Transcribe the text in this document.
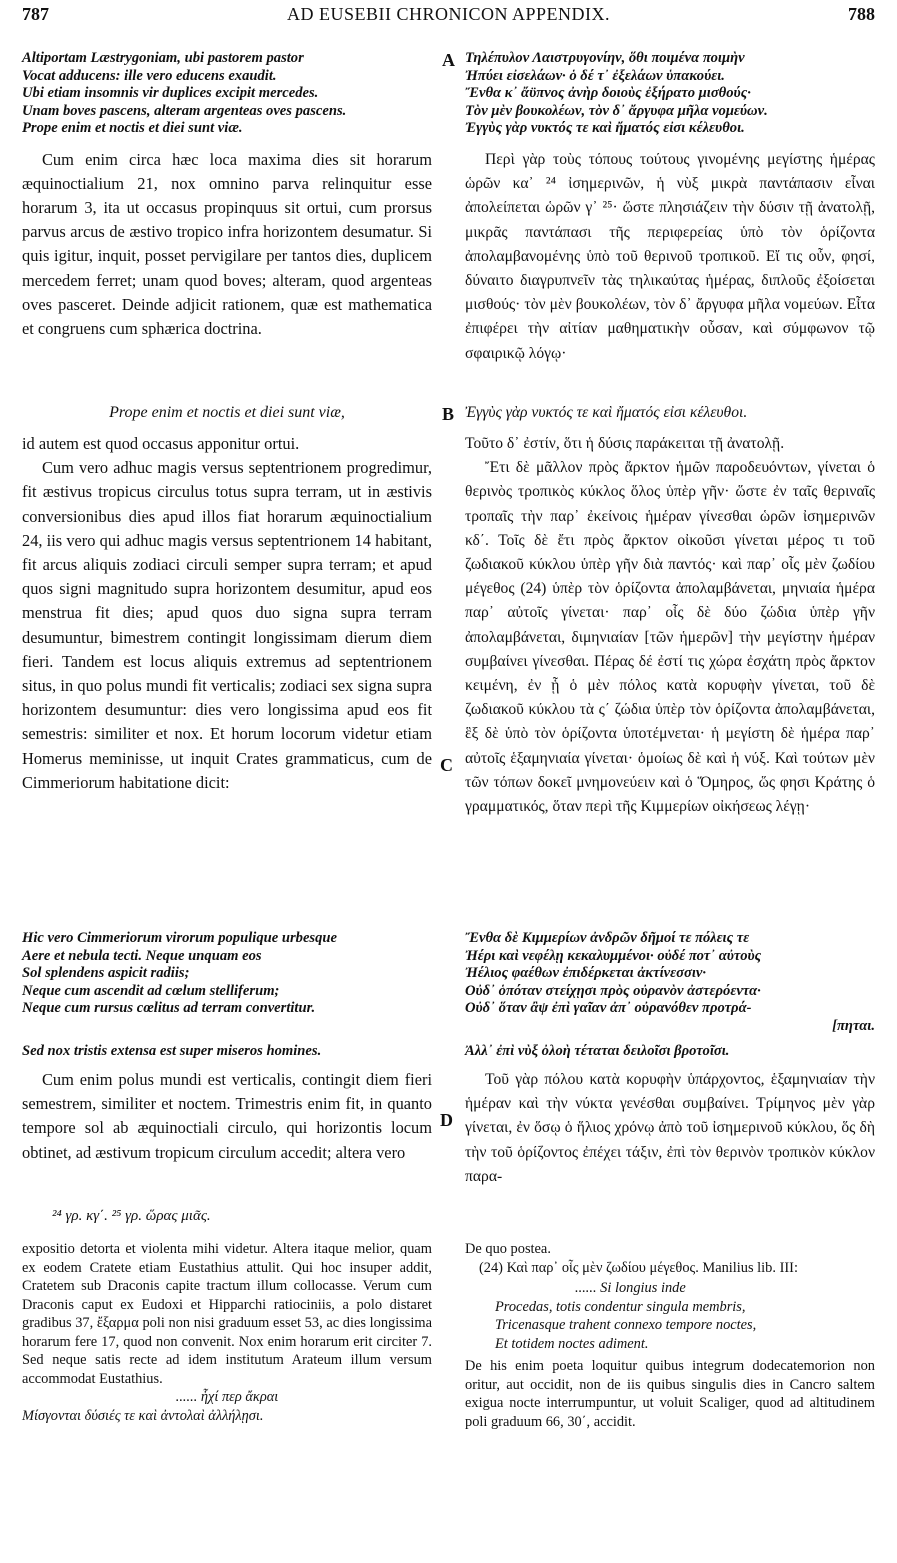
787	AD EUSEBII CHRONICON APPENDIX.	788
Altiportam Læstrygoniam, ubi pastorem pastor
Vocat adducens: ille vero educens exaudit.
Ubi etiam insomnis vir duplices excipit mercedes.
Unam boves pascens, alteram argenteas oves pascens.
Prope enim et noctis et diei sunt viæ.

Cum enim circa hæc loca maxima dies sit horarum æquinoctialium 21, nox omnino parva relinquitur esse horarum 3, ita ut occasus propinquus sit ortui, cum prorsus parvus arcus de æstivo tropico infra horizontem desumatur. Si quis igitur, inquit, posset pervigilare per tantos dies, duplicem mercedem ferret; unam quod boves; alteram, quod argenteas oves pasceret. Deinde adjicit rationem, quæ est mathematica et congruens cum sphærica doctrina.

Prope enim et noctis et diei sunt viæ,

id autem est quod occasus apponitur ortui.

Cum vero adhuc magis versus septentrionem progredimur, fit æstivus tropicus circulus totus supra terram, ut in æstivis conversionibus dies apud illos fiat horarum æquinoctialium 24, iis vero qui adhuc magis versus septentrionem 14 habitant, fit arcus aliquis zodiaci circuli semper supra terram; et apud quos signi magnitudo supra horizontem desumitur, apud eos menstrua fit dies; apud quos duo signa supra terram desumuntur, bimestrem contingit longissimam dierum diem fieri. Tandem est locus aliquis extremus ad septentrionem situs, in quo polus mundi fit verticalis; zodiaci sex signa supra horizontem desumuntur: dies vero longissima apud eos fit semestris: similiter et nox. Et horum locorum videtur etiam Homerus meminisse, ut inquit Crates grammaticus, cum de Cimmeriorum habitatione dicit:

Hic vero Cimmeriorum virorum populique urbesque
Aere et nebula tecti. Neque unquam eos
Sol splendens aspicit radiis;
Neque cum ascendit ad cœlum stelliferum;
Neque cum rursus cœlitus ad terram convertitur.
Sed nox tristis extensa est super miseros homines.

Cum enim polus mundi est verticalis, contingit diem fieri semestrem, similiter et noctem. Trimestris enim fit, in quanto tempore sol ab æquinoctiali circulo, qui horizontis locum obtinet, ad æstivum tropicum circulum accedit; altera vero

²⁴ γρ. κγ΄. ²⁵ γρ. ὥρας μιᾶς.

expositio detorta et violenta mihi videtur. Altera itaque melior, quam ex eodem Cratete etiam Eustathius attulit. Qui hoc insuper addit, Cratetem sub Draconis capite tractum illum collocasse. Verum cum Draconis caput ex Eudoxi et Hipparchi ratiociniis, a polo distaret gradibus 37, ἔξαρμα poli non nisi graduum esset 53, ac dies longissima horarum fere 17, quod non convenit. Nox enim horarum erit circiter 7. Sed neque satis recte ad idem institutum Arateum illum versum accommodat Eustathius.

...... ἧχί περ ἄκραι
Μίσγονται δύσιές τε καὶ ἀντολαὶ ἀλλήλῃσι.
A
B
C
D
Τηλέπυλον Λαιστρυγονίην, ὅθι ποιμένα ποιμὴν
Ἠπύει εἰσελάων· ὁ δέ τ᾽ ἐξελάων ὑπακούει.
Ἔνθα κ᾽ ἄϋπνος ἀνὴρ δοιοὺς ἐξήρατο μισθούς·
Τὸν μὲν βουκολέων, τὸν δ᾽ ἄργυφα μῆλα νομεύων.
Ἐγγὺς γὰρ νυκτός τε καὶ ἤματός εἰσι κέλευθοι.

Περὶ γὰρ τοὺς τόπους τούτους γινομένης μεγίστης ἡμέρας ὡρῶν κα᾽ ²⁴ ἰσημερινῶν, ἡ νὺξ μικρὰ παντάπασιν εἶναι ἀπολείπεται ὡρῶν γ᾽ ²⁵· ὥστε πλησιάζειν τὴν δύσιν τῇ ἀνατολῇ, μικρᾶς παντάπασι τῆς περιφερείας ὑπὸ τὸν ὁρίζοντα ἀπολαμβανομένης ὑπὸ τοῦ θερινοῦ τροπικοῦ. Εἴ τις οὖν, φησί, δύναιτο διαγρυπνεῖν τὰς τηλικαύτας ἡμέρας, διπλοῦς ἐξοίσεται μισθούς· τὸν μὲν βουκολέων, τὸν δ᾽ ἄργυφα μῆλα νομεύων. Εἶτα ἐπιφέρει τὴν αἰτίαν μαθηματικὴν οὖσαν, καὶ σύμφωνον τῷ σφαιρικῷ λόγῳ·

Ἐγγὺς γὰρ νυκτός τε καὶ ἤματός εἰσι κέλευθοι.

Τοῦτο δ᾽ ἐστίν, ὅτι ἡ δύσις παράκειται τῇ ἀνατολῇ.

Ἔτι δὲ μᾶλλον πρὸς ἄρκτον ἡμῶν παροδευόντων, γίνεται ὁ θερινὸς τροπικὸς κύκλος ὅλος ὑπὲρ γῆν· ὥστε ἐν ταῖς θεριναῖς τροπαῖς τὴν παρ᾽ ἐκείνοις ἡμέραν γίνεσθαι ὡρῶν ἰσημερινῶν κδ΄. Τοῖς δὲ ἔτι πρὸς ἄρκτον οἰκοῦσι γίνεται μέρος τι τοῦ ζωδιακοῦ κύκλου ὑπὲρ γῆν διὰ παντός· καὶ παρ᾽ οἷς μὲν ζωδίου μέγεθος (24) ὑπὲρ τὸν ὁρίζοντα ἀπολαμβάνεται, μηνιαία ἡμέρα παρ᾽ αὐτοῖς γίνεται· παρ᾽ οἷς δὲ δύο ζώδια ὑπὲρ γῆν ἀπολαμβάνεται, διμηνιαίαν [τῶν ἡμερῶν] τὴν μεγίστην ἡμέραν συμβαίνει γίνεσθαι. Πέρας δέ ἐστί τις χώρα ἐσχάτη πρὸς ἄρκτον κειμένη, ἐν ᾗ ὁ μὲν πόλος κατὰ κορυφὴν γίνεται, τοῦ δὲ ζωδιακοῦ κύκλου τὰ ς΄ ζώδια ὑπὲρ τὸν ὁρίζοντα ἀπολαμβάνεται, ἓξ δὲ ὑπὸ τὸν ὁρίζοντα ὑποτέμνεται· ἡ μεγίστη δὲ ἡμέρα παρ᾽ αὐτοῖς ἑξαμηνιαία γίνεται· ὁμοίως δὲ καὶ ἡ νύξ. Καὶ τούτων μὲν τῶν τόπων δοκεῖ μνημονεύειν καὶ ὁ Ὅμηρος, ὥς φησι Κράτης ὁ γραμματικός, ὅταν περὶ τῆς Κιμμερίων οἰκήσεως λέγῃ·

Ἔνθα δὲ Κιμμερίων ἀνδρῶν δῆμοί τε πόλεις τε
Ἠέρι καὶ νεφέλῃ κεκαλυμμένοι· οὐδέ ποτ᾽ αὐτοὺς
Ἠέλιος φαέθων ἐπιδέρκεται ἀκτίνεσσιν·
Οὐδ᾽ ὁπόταν στείχῃσι πρὸς οὐρανὸν ἀστερόεντα·
Οὐδ᾽ ὅταν ἂψ ἐπὶ γαῖαν ἀπ᾽ οὐρανόθεν προτρά-
[πηται.
Ἀλλ᾽ ἐπὶ νὺξ ὀλοὴ τέταται δειλοῖσι βροτοῖσι.

Τοῦ γὰρ πόλου κατὰ κορυφὴν ὑπάρχοντος, ἑξαμηνιαίαν τὴν ἡμέραν καὶ τὴν νύκτα γενέσθαι συμβαίνει. Τρίμηνος μὲν γὰρ γίνεται, ἐν ὅσῳ ὁ ἥλιος χρόνῳ ἀπὸ τοῦ ἰσημερινοῦ κύκλου, ὅς δὴ τὴν τοῦ ὁρίζοντος ἐπέχει τάξιν, ἐπὶ τὸν θερινὸν τροπικὸν κύκλον παρα-

De quo postea.

(24) Καὶ παρ᾽ οἷς μὲν ζωδίου μέγεθος. Manilius lib. III:

...... Si longius inde
Procedas, totis condentur singula membris,
Tricenasque trahent connexo tempore noctes,
Et totidem noctes adiment.

De his enim poeta loquitur quibus integrum dodecatemorion non oritur, aut occidit, non de iis quibus singulis dies in Cancro saltem exigua nocte interrumpuntur, ut voluit Scaliger, quod ad altitudinem poli graduum 66, 30΄, accidit.
